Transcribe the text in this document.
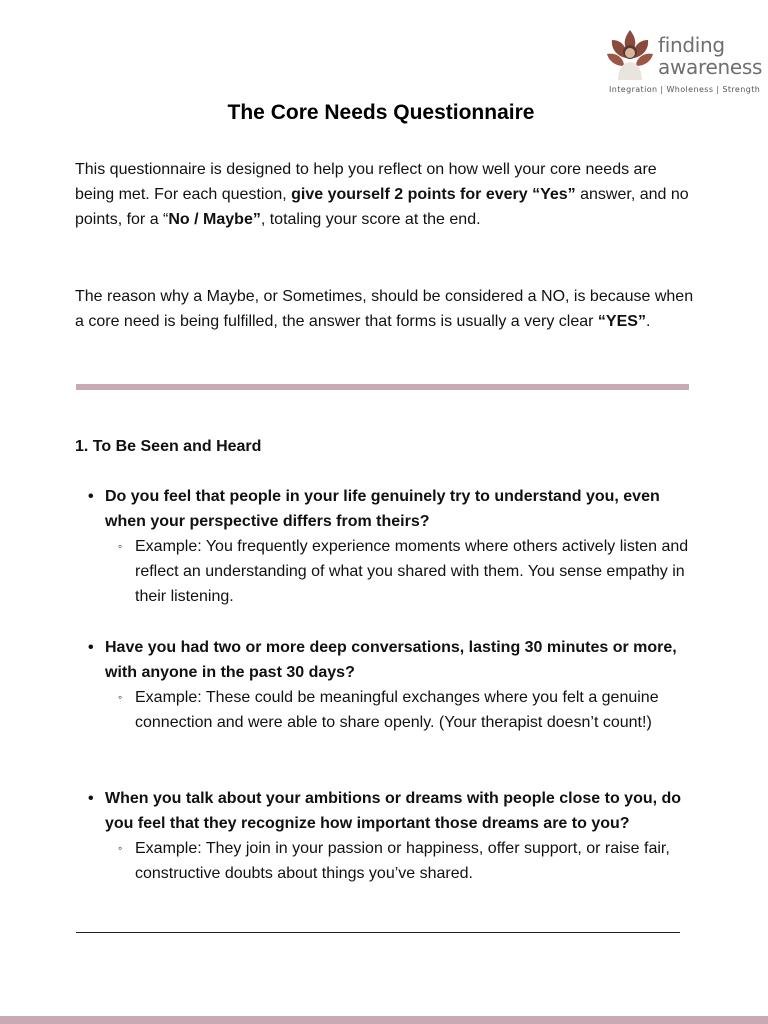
finding
awareness
Integration | Wholeness | Strength
The Core Needs Questionnaire
This questionnaire is designed to help you reflect on how well your core needs are being met. For each question, give yourself 2 points for every “Yes” answer, and no points, for a “No / Maybe”, totaling your score at the end.
The reason why a Maybe, or Sometimes, should be considered a NO, is because when a core need is being fulfilled, the answer that forms is usually a very clear “YES”.
1. To Be Seen and Heard
• Do you feel that people in your life genuinely try to understand you, even when your perspective differs from theirs?
◦ Example: You frequently experience moments where others actively listen and reflect an understanding of what you shared with them. You sense empathy in their listening.
• Have you had two or more deep conversations, lasting 30 minutes or more, with anyone in the past 30 days?
◦ Example: These could be meaningful exchanges where you felt a genuine connection and were able to share openly. (Your therapist doesn’t count!)
• When you talk about your ambitions or dreams with people close to you, do you feel that they recognize how important those dreams are to you?
◦ Example: They join in your passion or happiness, offer support, or raise fair, constructive doubts about things you’ve shared.
